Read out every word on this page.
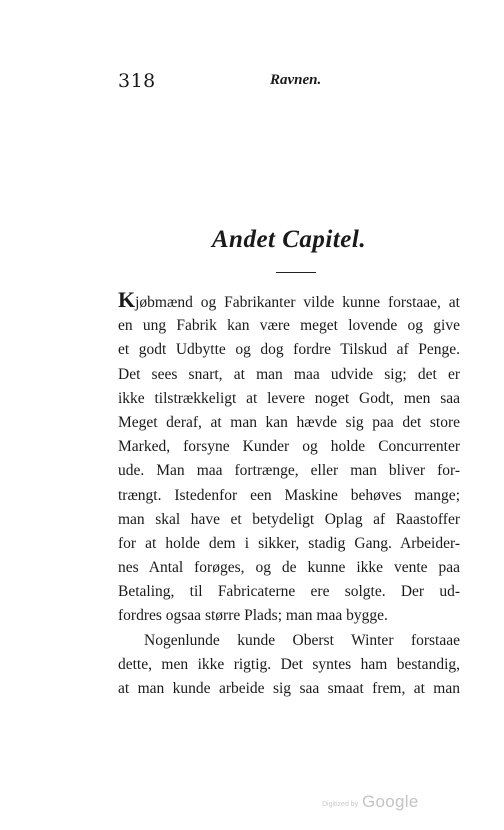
318	Ravnen.
Andet Capitel.
Kjøbmænd og Fabrikanter vilde kunne forstaae, at
en ung Fabrik kan være meget lovende og give
et godt Udbytte og dog fordre Tilskud af Penge.
Det sees snart, at man maa udvide sig; det er
ikke tilstrækkeligt at levere noget Godt, men saa
Meget deraf, at man kan hævde sig paa det store
Marked, forsyne Kunder og holde Concurrenter
ude. Man maa fortrænge, eller man bliver for-
trængt. Istedenfor een Maskine behøves mange;
man skal have et betydeligt Oplag af Raastoffer
for at holde dem i sikker, stadig Gang. Arbeider-
nes Antal forøges, og de kunne ikke vente paa
Betaling, til Fabricaterne ere solgte. Der ud-
fordres ogsaa større Plads; man maa bygge.
Nogenlunde kunde Oberst Winter forstaae
dette, men ikke rigtig. Det syntes ham bestandig,
at man kunde arbeide sig saa smaat frem, at man
Digitized by Google
